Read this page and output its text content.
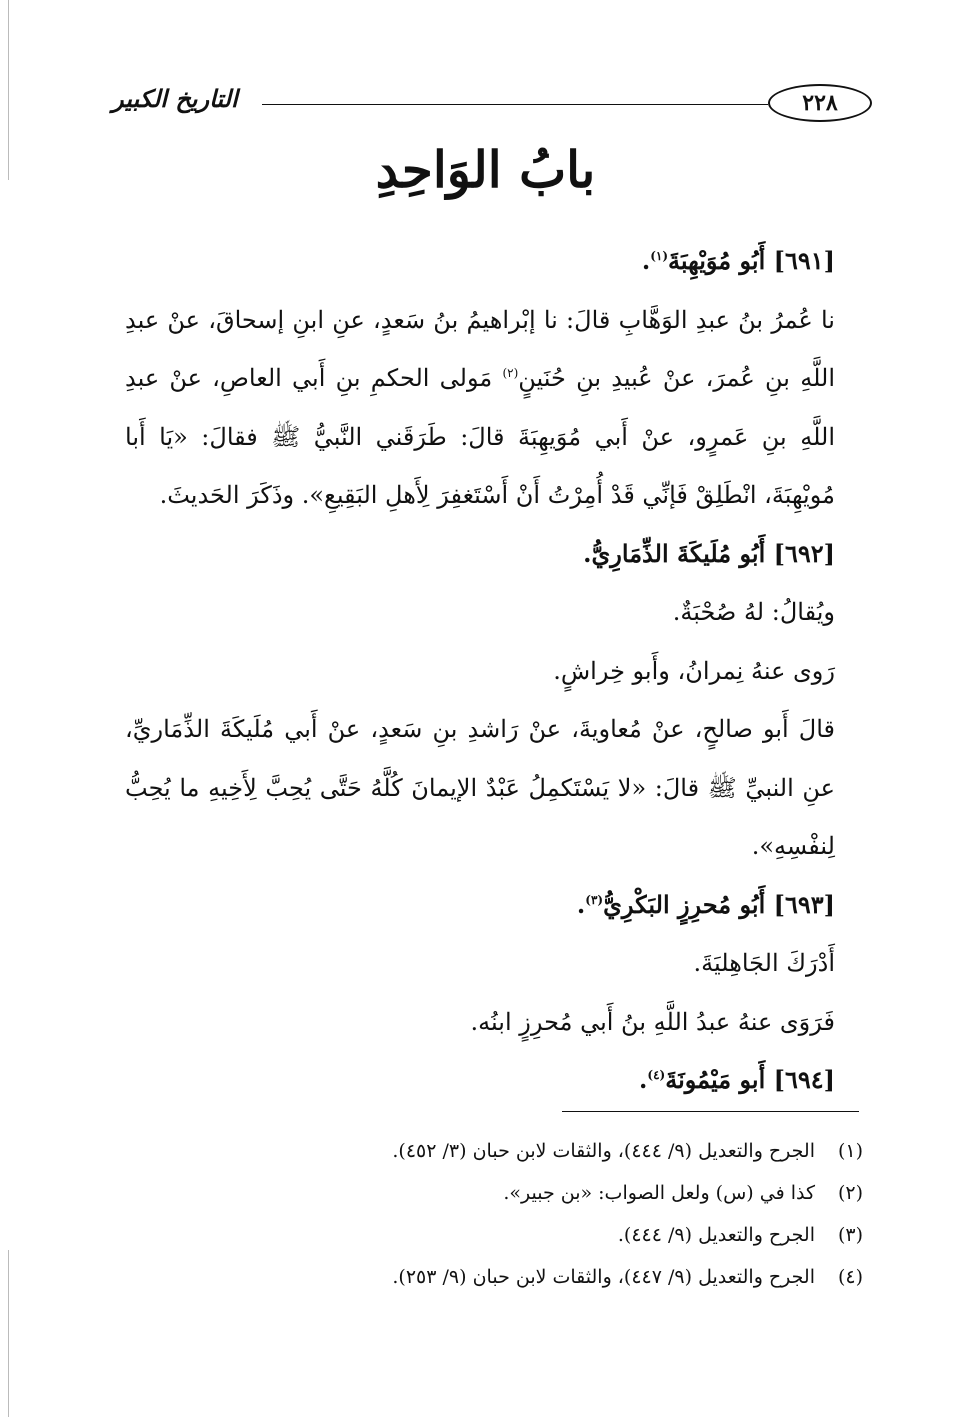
٢٢٨
التاريخ الكبير
بابُ الوَاحِدِ

[٦٩١] أَبُو مُوَيْهِبَةَ$^{(١)}$.

نا عُمرُ بنُ عبدِ الوَهَّابِ قالَ: نا إبْراهيمُ بنُ سَعدٍ، عنِ ابنِ إسحاقَ، عنْ عبدِ اللَّهِ بنِ عُمرَ، عنْ عُبيدِ بنِ حُنَينٍ$^{(٢)}$ مَولى الحكمِ بنِ أَبي العاصِ، عنْ عبدِ اللَّهِ بنِ عَمرٍو، عنْ أَبي مُوَيهِبَةَ قالَ: طَرَقَني النَّبيُّ ﷺ فقالَ: «يَا أَبا مُويْهِبَةَ، انْطَلِقْ فَإنِّي قَدْ أُمِرْتُ أَنْ أَسْتَغفِرَ لِأَهلِ البَقِيعِ». وذَكَرَ الحَديثَ.

[٦٩٢] أَبُو مُلَيكَةَ الذِّمَارِيُّ.

ويُقالُ: لهُ صُحْبَةٌ.

رَوى عنهُ نِمرانُ، وأَبو خِراشٍ.

قالَ أَبو صالحٍ، عنْ مُعاويةَ، عنْ رَاشدِ بنِ سَعدٍ، عنْ أَبي مُلَيكَةَ الذِّمَاريِّ، عنِ النبيِّ ﷺ قالَ: «لا يَسْتَكمِلُ عَبْدٌ الإيمانَ كُلَّهُ حَتَّى يُحِبَّ لِأَخِيهِ ما يُحِبُّ لِنفْسِهِ».

[٦٩٣] أَبُو مُحرِزٍ البَكْرِيُّ$^{(٣)}$.

أَدْرَكَ الجَاهِليَةَ.

فَرَوَى عنهُ عبدُ اللَّهِ بنُ أَبي مُحرِزٍ ابنُه.

[٦٩٤] أَبو مَيْمُونَةَ$^{(٤)}$.

(١)
الجرح والتعديل (٩/ ٤٤٤)، والثقات لابن حبان (٣/ ٤٥٢).
(٢)
كذا في (س) ولعل الصواب: «بن جبير».
(٣)
الجرح والتعديل (٩/ ٤٤٤).
(٤)
الجرح والتعديل (٩/ ٤٤٧)، والثقات لابن حبان (٩/ ٢٥٣).
